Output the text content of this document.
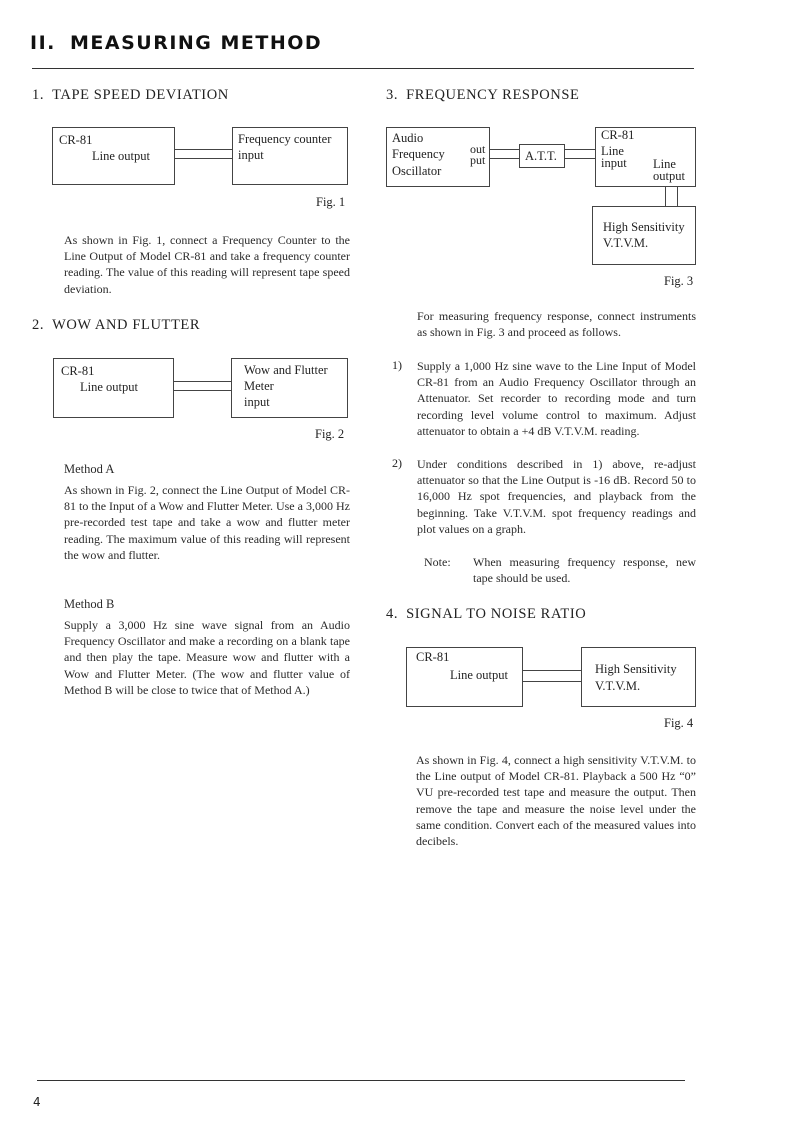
II. MEASURING METHOD
1. TAPE SPEED DEVIATION
CR-81
Line output
Frequency counter
input
Fig. 1
As shown in Fig. 1, connect a Frequency Counter to the Line Output of Model CR-81 and take a frequency counter reading. The value of this reading will represent tape speed deviation.
2. WOW AND FLUTTER
CR-81
Line output
Wow and Flutter
Meter
input
Fig. 2
Method A
As shown in Fig. 2, connect the Line Output of Model CR-81 to the Input of a Wow and Flutter Meter. Use a 3,000 Hz pre-recorded test tape and take a wow and flutter meter reading. The maximum value of this reading will represent the wow and flutter.
Method B
Supply a 3,000 Hz sine wave signal from an Audio Frequency Oscillator and make a recording on a blank tape and then play the tape. Measure wow and flutter with a Wow and Flutter Meter. (The wow and flutter value of Method B will be close to twice that of Method A.)
3. FREQUENCY RESPONSE
Audio
Frequency
Oscillator
out
put	A.T.T.
CR-81
Line
input Line
output
High Sensitivity
V.T.V.M.
Fig. 3
For measuring frequency response, connect instruments as shown in Fig. 3 and proceed as follows.
1) Supply a 1,000 Hz sine wave to the Line Input of Model CR-81 from an Audio Frequency Oscillator through an Attenuator. Set recorder to recording mode and turn recording level volume control to maximum. Adjust attenuator to obtain a +4 dB V.T.V.M. reading.
2) Under conditions described in 1) above, re-adjust attenuator so that the Line Output is -16 dB. Record 50 to 16,000 Hz spot frequencies, and playback from the beginning. Take V.T.V.M. spot frequency readings and plot values on a graph.
Note: When measuring frequency response, new tape should be used.
4. SIGNAL TO NOISE RATIO
CR-81
Line output	High Sensitivity
V.T.V.M.
Fig. 4
As shown in Fig. 4, connect a high sensitivity V.T.V.M. to the Line output of Model CR-81. Playback a 500 Hz “0” VU pre-recorded test tape and measure the output. Then remove the tape and measure the noise level under the same condition. Convert each of the measured values into decibels.
4
